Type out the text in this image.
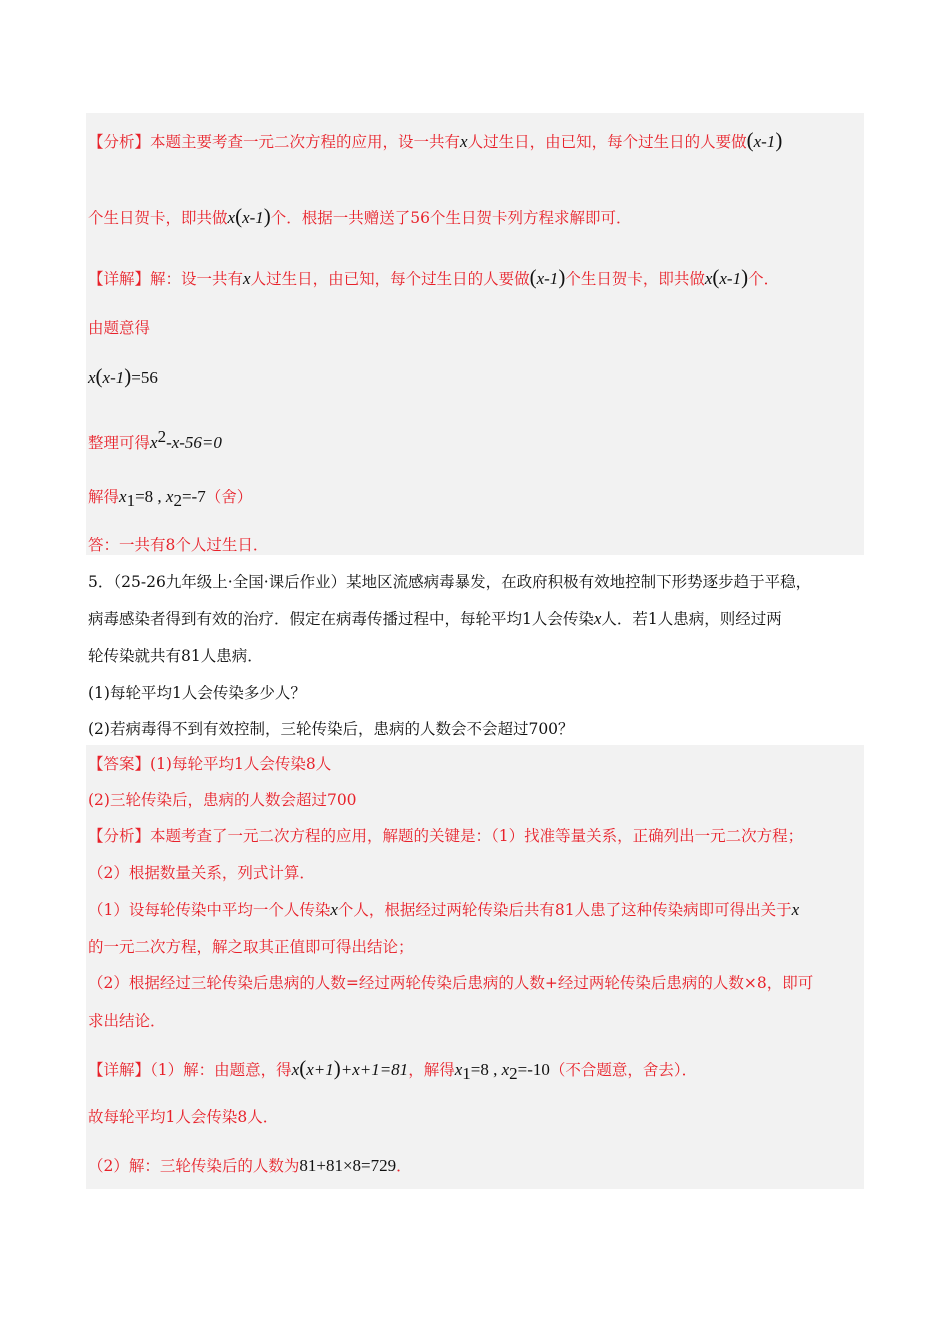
【分析】本题主要考查一元二次方程的应用，设一共有x人过生日，由已知，每个过生日的人要做(x-1)
个生日贺卡，即共做x(x-1)个．根据一共赠送了56个生日贺卡列方程求解即可．
【详解】解：设一共有x人过生日，由已知，每个过生日的人要做(x-1)个生日贺卡，即共做x(x-1)个．
由题意得
x(x-1)=56
整理可得$x^2-x-56=0$
解得$x_1=8$ , $x_2=-7$（舍）
答：一共有8个人过生日．
5．（25-26九年级上·全国·课后作业）某地区流感病毒暴发，在政府积极有效地控制下形势逐步趋于平稳，
病毒感染者得到有效的治疗．假定在病毒传播过程中，每轮平均1人会传染x人．若1人患病，则经过两
轮传染就共有81人患病．
(1)每轮平均1人会传染多少人？
(2)若病毒得不到有效控制，三轮传染后，患病的人数会不会超过700？
【答案】(1)每轮平均1人会传染8人
(2)三轮传染后，患病的人数会超过700
【分析】本题考查了一元二次方程的应用，解题的关键是：（1）找准等量关系，正确列出一元二次方程；
（2）根据数量关系，列式计算．
（1）设每轮传染中平均一个人传染x个人，根据经过两轮传染后共有81人患了这种传染病即可得出关于x
的一元二次方程，解之取其正值即可得出结论；
（2）根据经过三轮传染后患病的人数=经过两轮传染后患病的人数+经过两轮传染后患病的人数×8，即可
求出结论．
【详解】（1）解：由题意，得x(x+1)+x+1=81，解得$x_1=8$ , $x_2=-10$（不合题意，舍去）．
故每轮平均1人会传染8人．
（2）解：三轮传染后的人数为81+81×8=729．
